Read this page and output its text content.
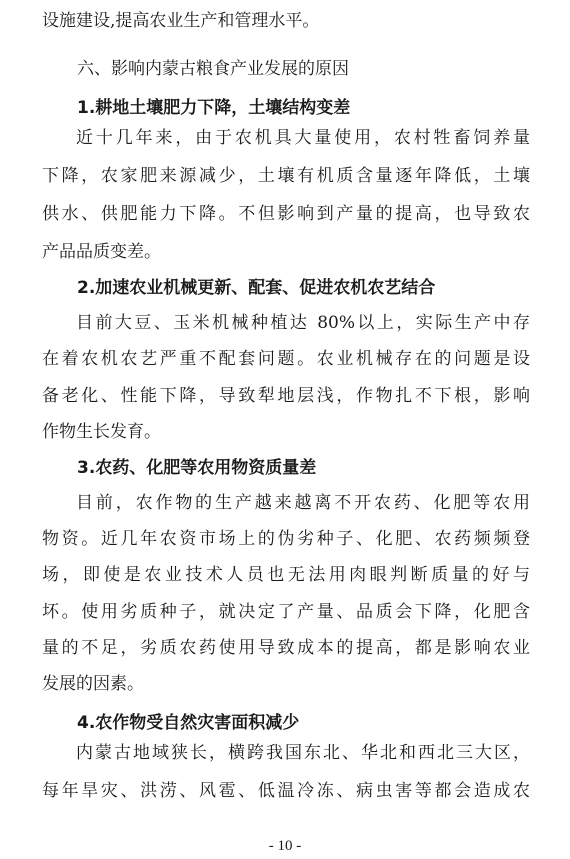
设施建设,提高农业生产和管理水平。
六、影响内蒙古粮食产业发展的原因
1.耕地土壤肥力下降，土壤结构变差
近十几年来，由于农机具大量使用，农村牲畜饲养量
下降，农家肥来源减少，土壤有机质含量逐年降低，土壤
供水、供肥能力下降。不但影响到产量的提高，也导致农
产品品质变差。
2.加速农业机械更新、配套、促进农机农艺结合
目前大豆、玉米机械种植达 80%以上，实际生产中存
在着农机农艺严重不配套问题。农业机械存在的问题是设
备老化、性能下降，导致犁地层浅，作物扎不下根，影响
作物生长发育。
3.农药、化肥等农用物资质量差
目前，农作物的生产越来越离不开农药、化肥等农用
物资。近几年农资市场上的伪劣种子、化肥、农药频频登
场，即使是农业技术人员也无法用肉眼判断质量的好与
坏。使用劣质种子，就决定了产量、品质会下降，化肥含
量的不足，劣质农药使用导致成本的提高，都是影响农业
发展的因素。
4.农作物受自然灾害面积减少
内蒙古地域狭长，横跨我国东北、华北和西北三大区，
每年旱灾、洪涝、风雹、低温冷冻、病虫害等都会造成农
- 10 -
